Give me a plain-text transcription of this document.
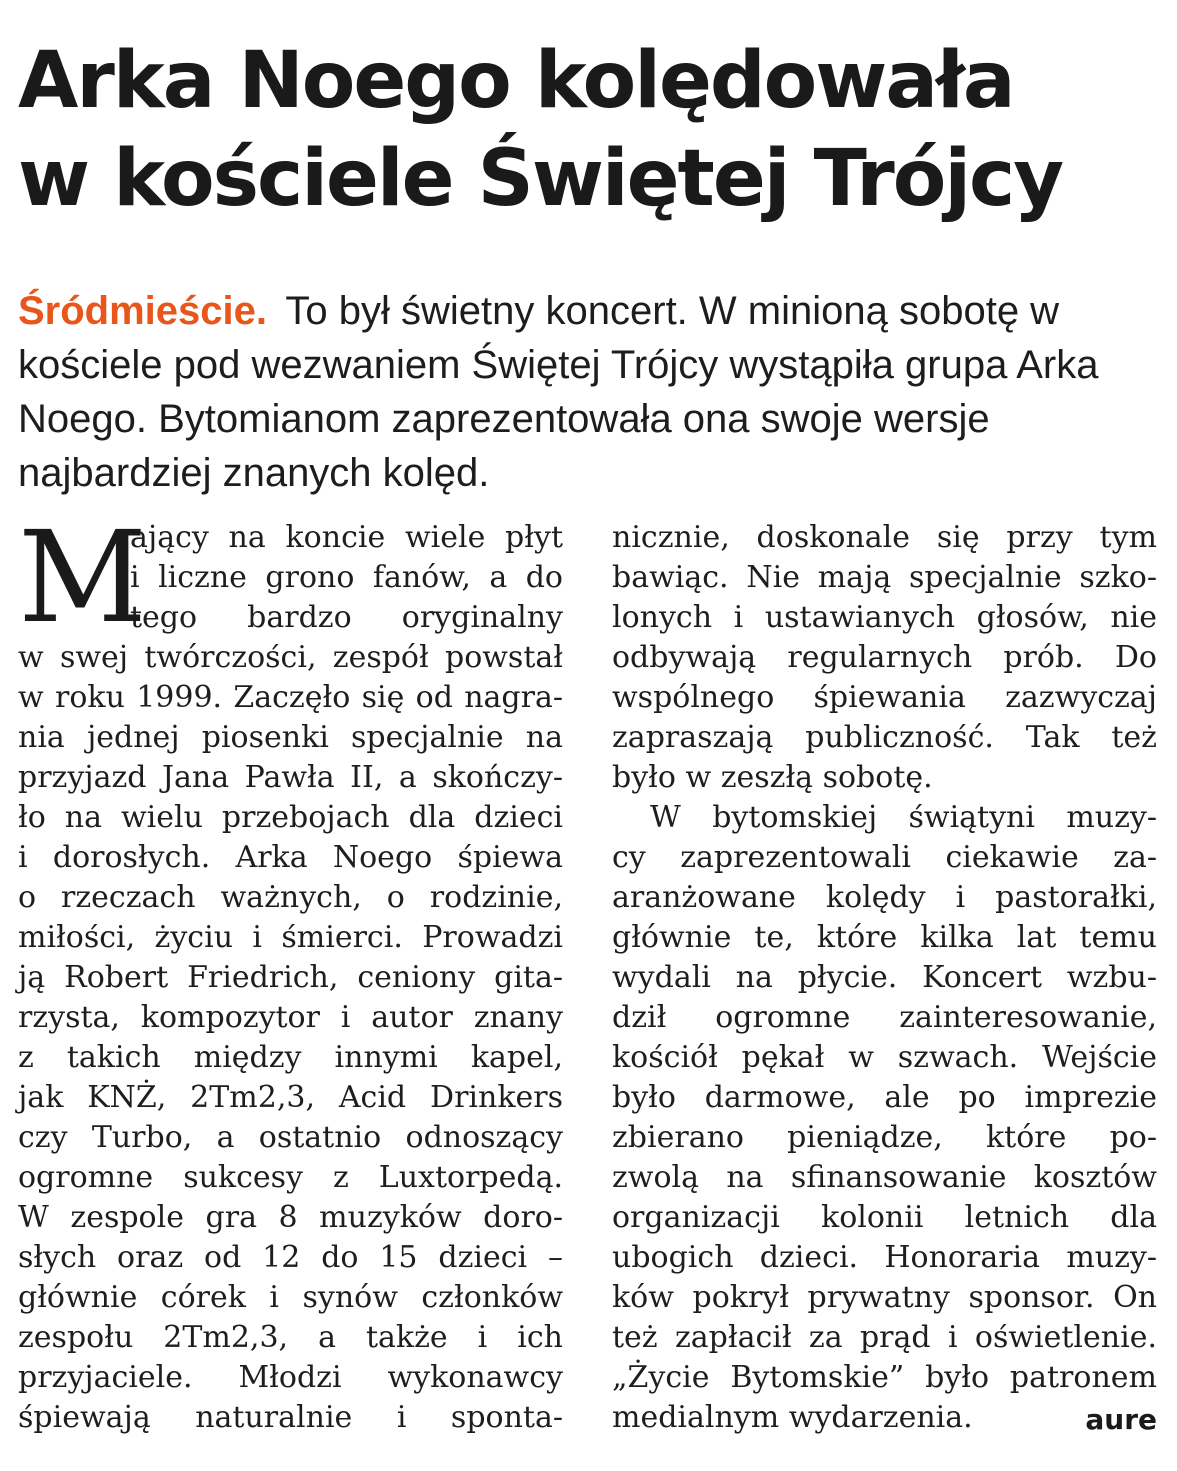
Arka Noego kolędowała
w kościele Świętej Trójcy

Śródmieście. To był świetny koncert. W minioną sobotę w kościele pod wezwaniem Świętej Trójcy wystąpiła grupa Arka Noego. Bytomianom zaprezentowała ona swoje wersje najbardziej znanych kolęd.

M
ający na koncie wiele płyt
i liczne grono fanów, a do
tego bardzo oryginalny
w swej twórczości, zespół powstał
w roku 1999. Zaczęło się od nagra-
nia jednej piosenki specjalnie na
przyjazd Jana Pawła II, a skończy-
ło na wielu przebojach dla dzieci
i dorosłych. Arka Noego śpiewa
o rzeczach ważnych, o rodzinie,
miłości, życiu i śmierci. Prowadzi
ją Robert Friedrich, ceniony gita-
rzysta, kompozytor i autor znany
z takich między innymi kapel,
jak KNŻ, 2Tm2,3, Acid Drinkers
czy Turbo, a ostatnio odnoszący
ogromne sukcesy z Luxtorpedą.
W zespole gra 8 muzyków doro-
słych oraz od 12 do 15 dzieci –
głównie córek i synów członków
zespołu 2Tm2,3, a także i ich
przyjaciele. Młodzi wykonawcy
śpiewają naturalnie i sponta-
nicznie, doskonale się przy tym
bawiąc. Nie mają specjalnie szko-
lonych i ustawianych głosów, nie
odbywają regularnych prób. Do
wspólnego śpiewania zazwyczaj
zapraszają publiczność. Tak też
było w zeszłą sobotę.
W bytomskiej świątyni muzy-
cy zaprezentowali ciekawie za-
aranżowane kolędy i pastorałki,
głównie te, które kilka lat temu
wydali na płycie. Koncert wzbu-
dził ogromne zainteresowanie,
kościół pękał w szwach. Wejście
było darmowe, ale po imprezie
zbierano pieniądze, które po-
zwolą na sfinansowanie kosztów
organizacji kolonii letnich dla
ubogich dzieci. Honoraria muzy-
ków pokrył prywatny sponsor. On
też zapłacił za prąd i oświetlenie.
„Życie Bytomskie” było patronem
medialnym wydarzenia.	aure
